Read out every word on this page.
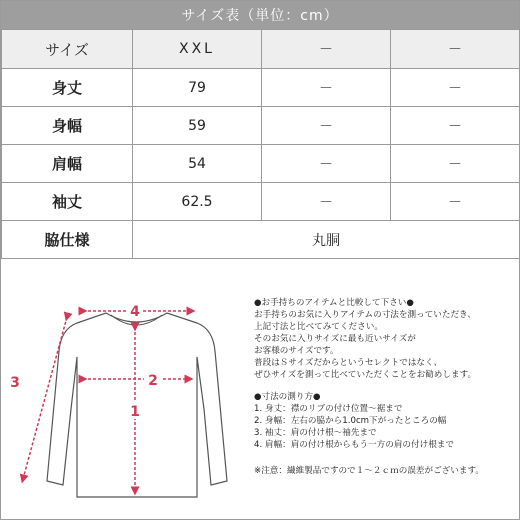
サイズ表（単位：cm）
サイズ	XXL	－	－
身丈	79	－	－
身幅	59	－	－
肩幅	54	－	－
袖丈	62.5	－	－
脇仕様	丸胴		
4
2
1
3
●お手持ちのアイテムと比較して下さい●
お手持ちのお気に入りアイテムの寸法を測っていただき、
上記寸法と比べてみてください。
そのお気に入りサイズに最も近いサイズが
お客様のサイズです。
普段はＳサイズだからというセレクトではなく、
ぜひサイズを測って比べていただくことをお勧めします。
●寸法の測り方●
1. 身丈：襟のリブの付け位置～裾まで
2. 身幅：左右の脇から1.0cm下がったところの幅
3. 袖丈：肩の付け根～袖先まで
4. 肩幅：肩の付け根からもう一方の肩の付け根まで
※注意：繊維製品ですので１～２ｃｍの誤差がございます。
